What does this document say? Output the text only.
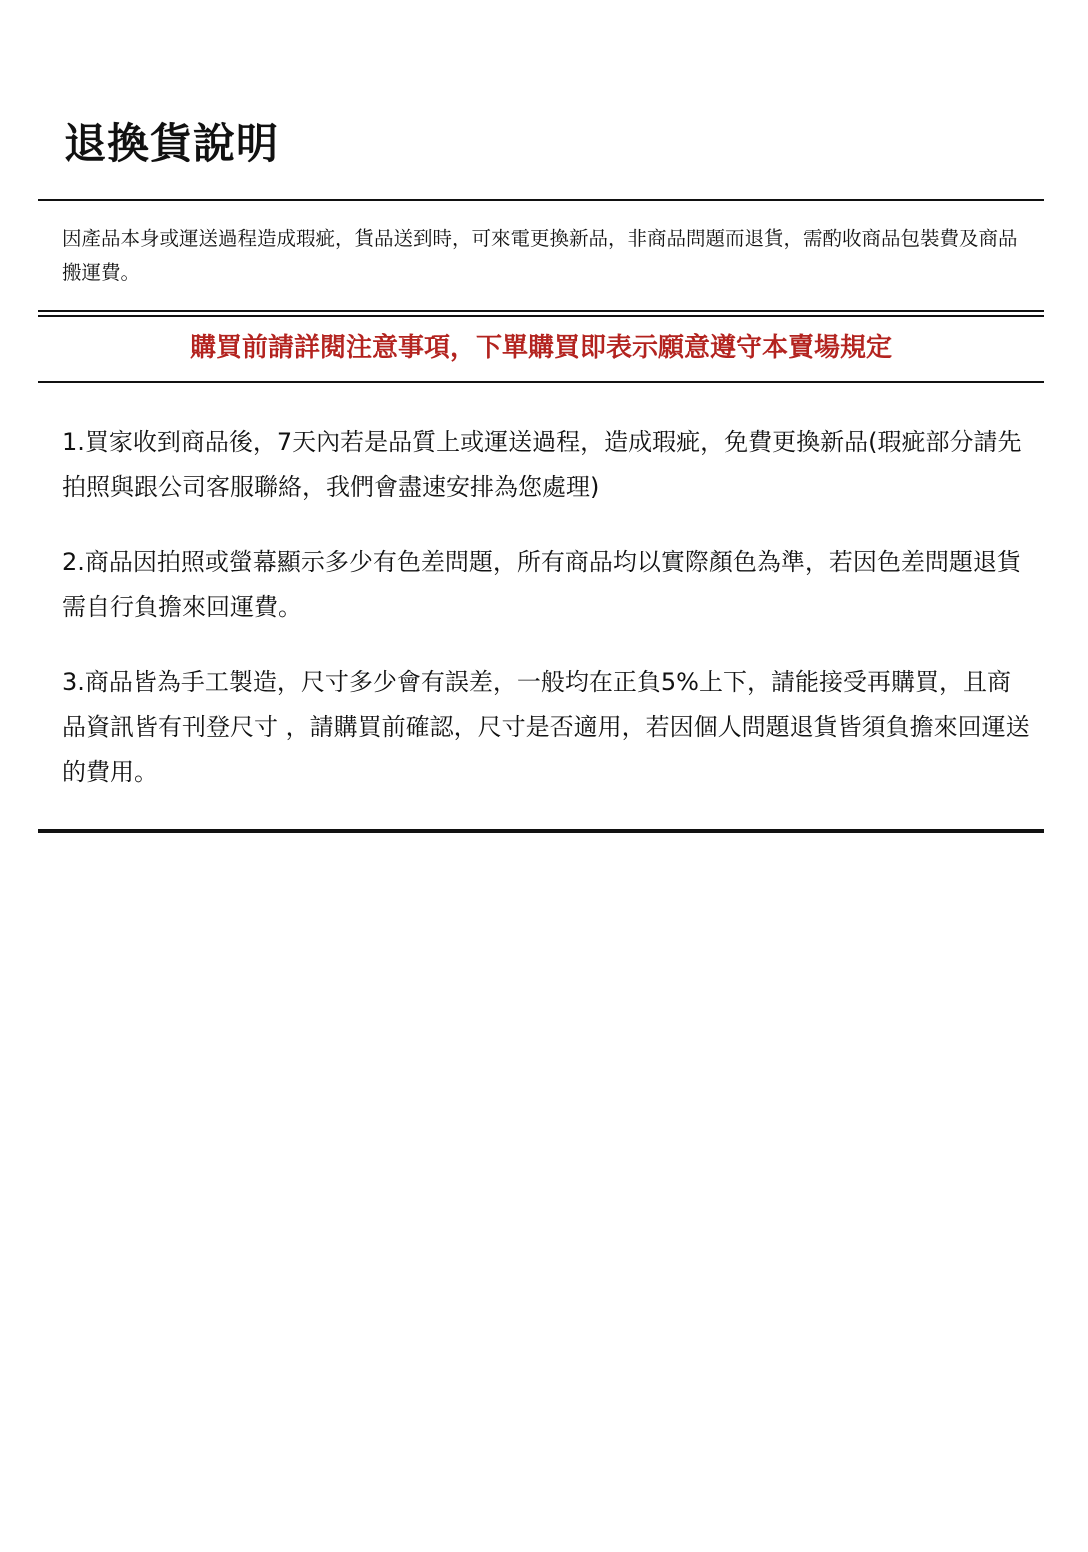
退換貨說明

因產品本身或運送過程造成瑕疵，貨品送到時，可來電更換新品，非商品問題而退貨，需酌收商品包裝費及商品搬運費。

購買前請詳閱注意事項，下單購買即表示願意遵守本賣場規定

1.買家收到商品後，7天內若是品質上或運送過程，造成瑕疵，免費更換新品(瑕疵部分請先拍照與跟公司客服聯絡，我們會盡速安排為您處理)
2.商品因拍照或螢幕顯示多少有色差問題，所有商品均以實際顏色為準，若因色差問題退貨需自行負擔來回運費。
3.商品皆為手工製造，尺寸多少會有誤差，一般均在正負5%上下，請能接受再購買，且商品資訊皆有刊登尺寸 ，請購買前確認，尺寸是否適用，若因個人問題退貨皆須負擔來回運送的費用。
